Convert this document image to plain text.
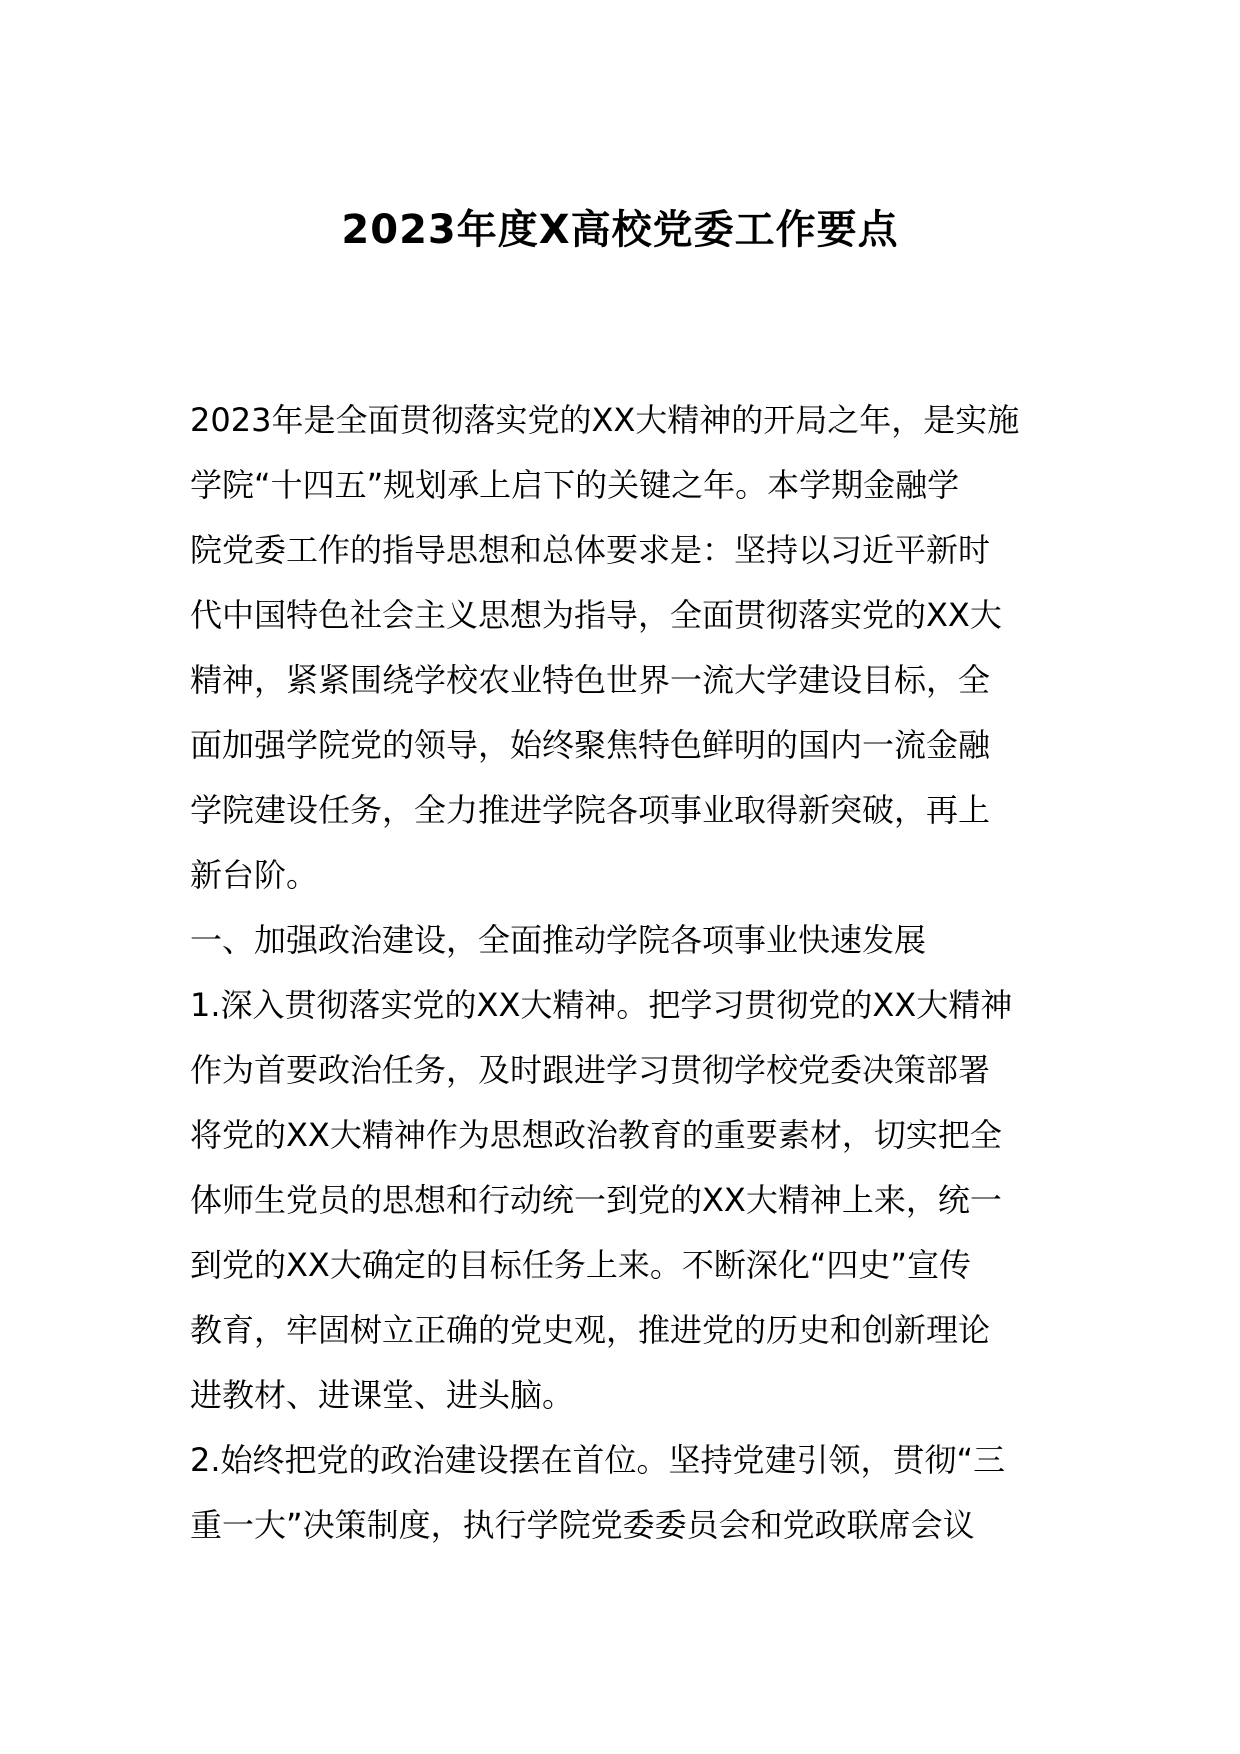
2023年度X高校党委工作要点
2023年是全面贯彻落实党的XX大精神的开局之年，是实施
学院“十四五”规划承上启下的关键之年。本学期金融学
院党委工作的指导思想和总体要求是：坚持以习近平新时
代中国特色社会主义思想为指导，全面贯彻落实党的XX大
精神，紧紧围绕学校农业特色世界一流大学建设目标，全
面加强学院党的领导，始终聚焦特色鲜明的国内一流金融
学院建设任务，全力推进学院各项事业取得新突破，再上
新台阶。
一、加强政治建设，全面推动学院各项事业快速发展
1.深入贯彻落实党的XX大精神。把学习贯彻党的XX大精神
作为首要政治任务，及时跟进学习贯彻学校党委决策部署
将党的XX大精神作为思想政治教育的重要素材，切实把全
体师生党员的思想和行动统一到党的XX大精神上来，统一
到党的XX大确定的目标任务上来。不断深化“四史”宣传
教育，牢固树立正确的党史观，推进党的历史和创新理论
进教材、进课堂、进头脑。
2.始终把党的政治建设摆在首位。坚持党建引领，贯彻“三
重一大”决策制度，执行学院党委委员会和党政联席会议
